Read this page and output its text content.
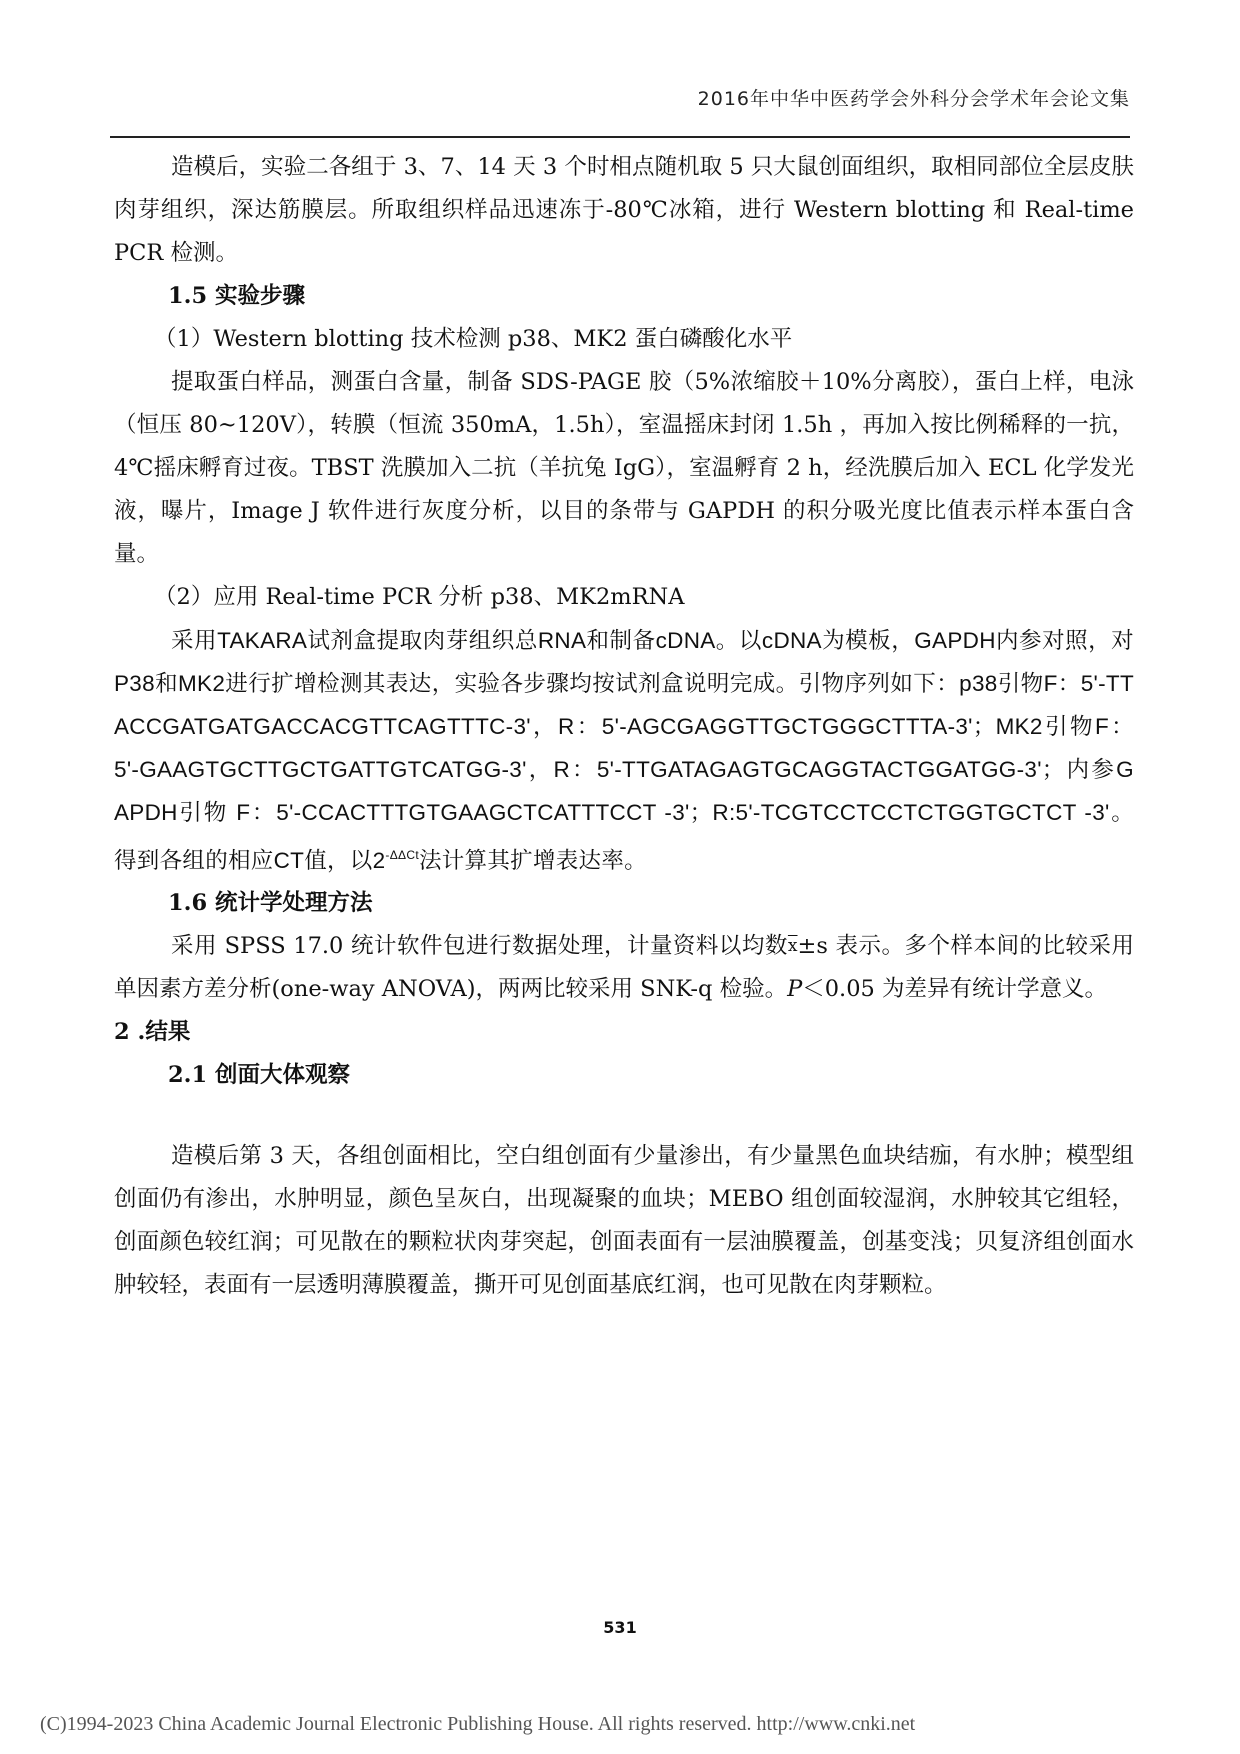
2016年中华中医药学会外科分会学术年会论文集

造模后，实验二各组于 3、7、14 天 3 个时相点随机取 5 只大鼠创面组织，取相同部位全层皮肤肉芽组织，深达筋膜层。所取组织样品迅速冻于-80℃冰箱，进行 Western blotting 和 Real-time PCR 检测。

1.5 实验步骤

（1）Western blotting 技术检测 p38、MK2 蛋白磷酸化水平

提取蛋白样品，测蛋白含量，制备 SDS-PAGE 胶（5%浓缩胶＋10%分离胶），蛋白上样，电泳（恒压 80~120V），转膜（恒流 350mA，1.5h），室温摇床封闭 1.5h ，再加入按比例稀释的一抗，4℃摇床孵育过夜。TBST 洗膜加入二抗（羊抗兔 IgG），室温孵育 2 h，经洗膜后加入 ECL 化学发光液，曝片，Image J 软件进行灰度分析，以目的条带与 GAPDH 的积分吸光度比值表示样本蛋白含量。

（2）应用 Real-time PCR 分析 p38、MK2mRNA

采用TAKARA试剂盒提取肉芽组织总RNA和制备cDNA。以cDNA为模板，GAPDH内参对照，对P38和MK2进行扩增检测其表达，实验各步骤均按试剂盒说明完成。引物序列如下：p38引物F：5'-TTACCGATGATGACCACGTTCAGTTTC-3'，R：5'-AGCGAGGTTGCTGGGCTTTA-3'；MK2引物F：5'-GAAGTGCTTGCTGATTGTCATGG-3'，R：5'-TTGATAGAGTGCAGGTACTGGATGG-3'；内参GAPDH引物 F：5'-CCACTTTGTGAAGCTCATTTCCT -3'；R:5'-TCGTCCTCCTCTGGTGCTCT -3'。得到各组的相应CT值，以$2^{-\Delta\Delta Ct}$法计算其扩增表达率。

1.6 统计学处理方法

采用 SPSS 17.0 统计软件包进行数据处理，计量资料以均数$\overline{x}\pm s$ 表示。多个样本间的比较采用单因素方差分析(one-way ANOVA)，两两比较采用 SNK-q 检验。P＜0.05 为差异有统计学意义。

2 .结果

2.1 创面大体观察

造模后第 3 天，各组创面相比，空白组创面有少量渗出，有少量黑色血块结痂，有水肿；模型组创面仍有渗出，水肿明显，颜色呈灰白，出现凝聚的血块；MEBO 组创面较湿润，水肿较其它组轻，创面颜色较红润；可见散在的颗粒状肉芽突起，创面表面有一层油膜覆盖，创基变浅；贝复济组创面水肿较轻，表面有一层透明薄膜覆盖，撕开可见创面基底红润，也可见散在肉芽颗粒。

531
(C)1994-2023 China Academic Journal Electronic Publishing House. All rights reserved. http://www.cnki.net
